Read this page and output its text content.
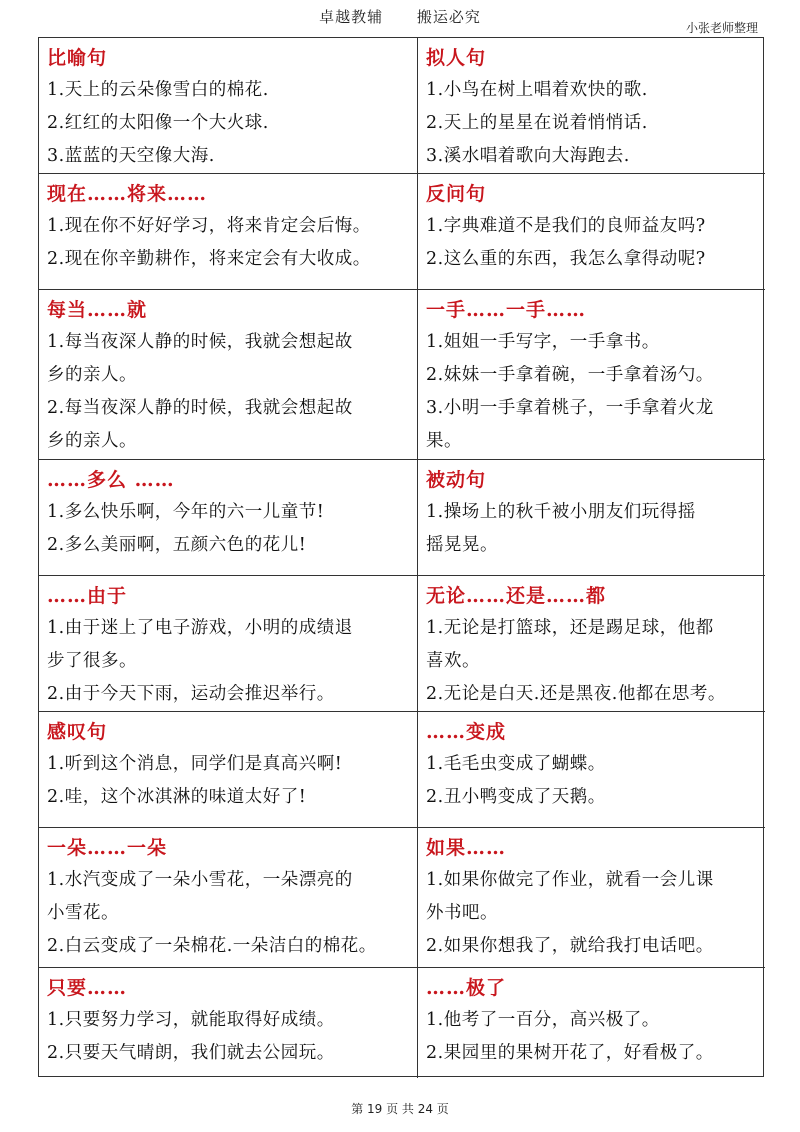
卓越教辅 搬运必究
小张老师整理
比喻句
1.天上的云朵像雪白的棉花.
2.红红的太阳像一个大火球.
3.蓝蓝的天空像大海.
拟人句
1.小鸟在树上唱着欢快的歌.
2.天上的星星在说着悄悄话.
3.溪水唱着歌向大海跑去.
现在……将来……
1.现在你不好好学习，将来肯定会后悔。
2.现在你辛勤耕作，将来定会有大收成。
反问句
1.字典难道不是我们的良师益友吗?
2.这么重的东西，我怎么拿得动呢?
每当……就
1.每当夜深人静的时候，我就会想起故
乡的亲人。
2.每当夜深人静的时候，我就会想起故
乡的亲人。
一手……一手……
1.姐姐一手写字，一手拿书。
2.妹妹一手拿着碗，一手拿着汤勺。
3.小明一手拿着桃子，一手拿着火龙
果。
……多么 ……
1.多么快乐啊，今年的六一儿童节!
2.多么美丽啊，五颜六色的花儿!
被动句
1.操场上的秋千被小朋友们玩得摇
摇晃晃。
……由于
1.由于迷上了电子游戏，小明的成绩退
步了很多。
2.由于今天下雨，运动会推迟举行。
无论……还是……都
1.无论是打篮球，还是踢足球，他都
喜欢。
2.无论是白天.还是黑夜.他都在思考。
感叹句
1.听到这个消息，同学们是真高兴啊!
2.哇，这个冰淇淋的味道太好了!
……变成
1.毛毛虫变成了蝴蝶。
2.丑小鸭变成了天鹅。
一朵……一朵
1.水汽变成了一朵小雪花，一朵漂亮的
小雪花。
2.白云变成了一朵棉花.一朵洁白的棉花。
如果……
1.如果你做完了作业，就看一会儿课
外书吧。
2.如果你想我了，就给我打电话吧。
只要……
1.只要努力学习，就能取得好成绩。
2.只要天气晴朗，我们就去公园玩。
……极了
1.他考了一百分，高兴极了。
2.果园里的果树开花了，好看极了。
第 19 页 共 24 页
